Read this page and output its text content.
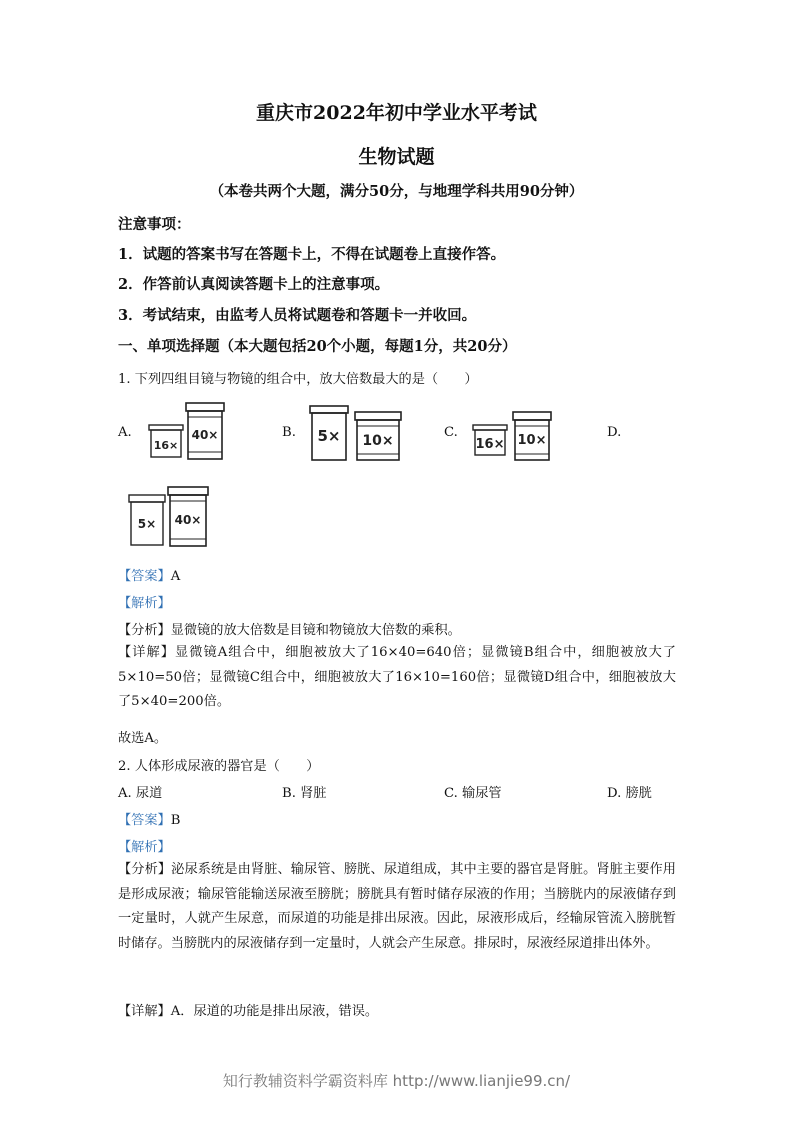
重庆市2022年初中学业水平考试
生物试题
（本卷共两个大题，满分50分，与地理学科共用90分钟）
注意事项：
1．试题的答案书写在答题卡上，不得在试题卷上直接作答。
2．作答前认真阅读答题卡上的注意事项。
3．考试结束，由监考人员将试题卷和答题卡一并收回。
一、单项选择题（本大题包括20个小题，每题1分，共20分）
1. 下列四组目镜与物镜的组合中，放大倍数最大的是（　　）
A.	B.	C.	D.
16×
40×	5× 10×	16× 10×
5× 40×
【答案】A
【解析】
【分析】显微镜的放大倍数是目镜和物镜放大倍数的乘积。
【详解】显微镜A组合中，细胞被放大了16×40=640倍；显微镜B组合中，细胞被放大了5×10=50倍；显微镜C组合中，细胞被放大了16×10=160倍；显微镜D组合中，细胞被放大了5×40=200倍。
故选A。
2. 人体形成尿液的器官是（　　）
A. 尿道	B. 肾脏	C. 输尿管	D. 膀胱
【答案】B
【解析】
【分析】泌尿系统是由肾脏、输尿管、膀胱、尿道组成，其中主要的器官是肾脏。肾脏主要作用是形成尿液；输尿管能输送尿液至膀胱；膀胱具有暂时储存尿液的作用；当膀胱内的尿液储存到一定量时，人就产生尿意，而尿道的功能是排出尿液。因此，尿液形成后，经输尿管流入膀胱暂时储存。当膀胱内的尿液储存到一定量时，人就会产生尿意。排尿时，尿液经尿道排出体外。
【详解】A．尿道的功能是排出尿液，错误。
知行教辅资料学霸资料库 http://www.lianjie99.cn/
